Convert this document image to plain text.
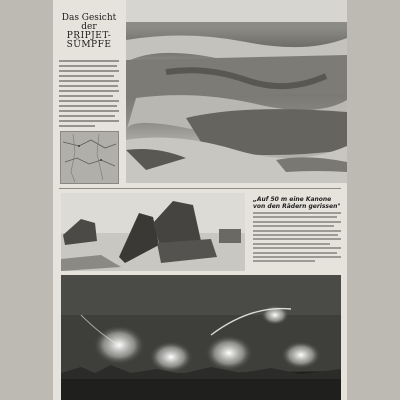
Das Gesicht
der
PRIPJET-
SÜMPFE
„Auf 50 m eine Kanone von den Rädern gerissen"
